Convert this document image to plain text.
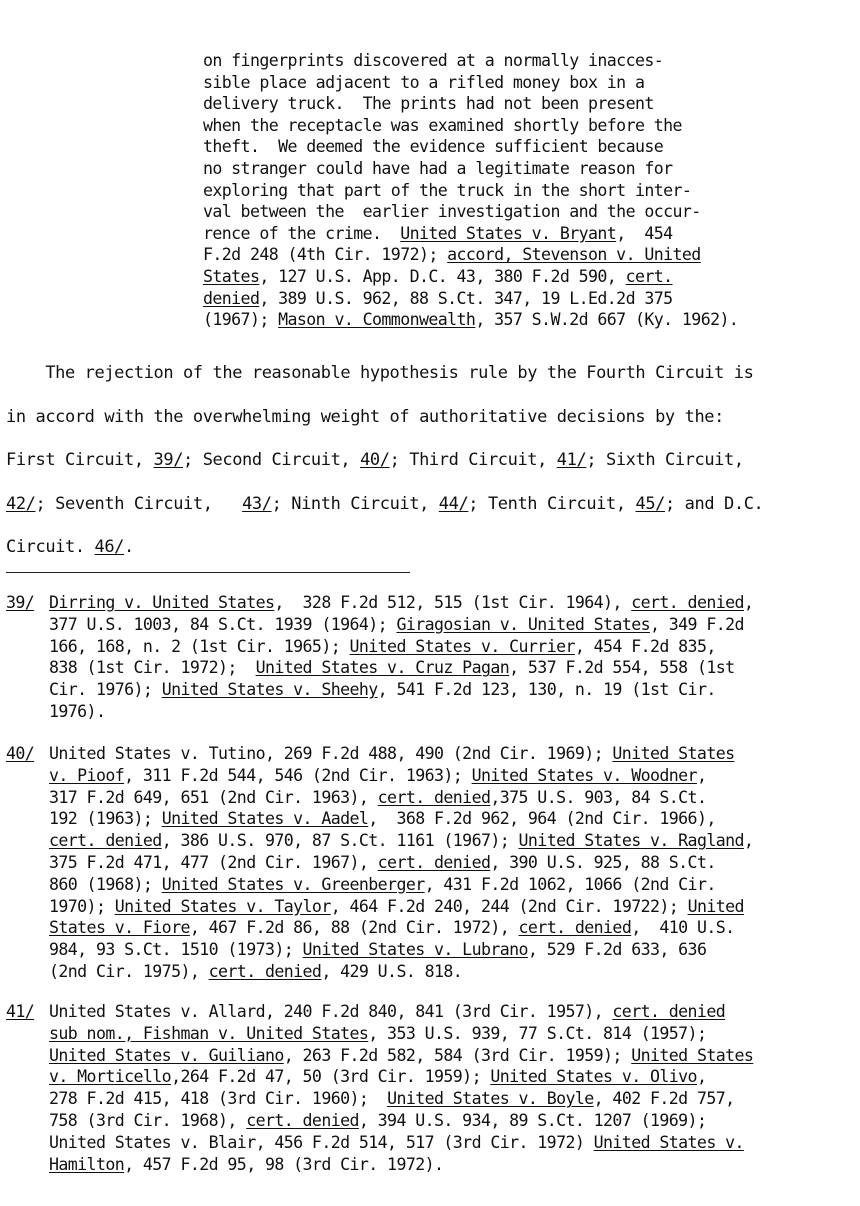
on fingerprints discovered at a normally inacces-
sible place adjacent to a rifled money box in a
delivery truck.  The prints had not been present
when the receptacle was examined shortly before the
theft.  We deemed the evidence sufficient because
no stranger could have had a legitimate reason for
exploring that part of the truck in the short inter-
val between the  earlier investigation and the occur-
rence of the crime.  United States v. Bryant,  454
F.2d 248 (4th Cir. 1972); accord, Stevenson v. United
States, 127 U.S. App. D.C. 43, 380 F.2d 590, cert.
denied, 389 U.S. 962, 88 S.Ct. 347, 19 L.Ed.2d 375
(1967); Mason v. Commonwealth, 357 S.W.2d 667 (Ky. 1962).
The rejection of the reasonable hypothesis rule by the Fourth Circuit is
in accord with the overwhelming weight of authoritative decisions by the:
First Circuit, 39/; Second Circuit, 40/; Third Circuit, 41/; Sixth Circuit,
42/; Seventh Circuit,   43/; Ninth Circuit, 44/; Tenth Circuit, 45/; and D.C.
Circuit. 46/.
39/ Dirring v. United States,  328 F.2d 512, 515 (1st Cir. 1964), cert. denied,
377 U.S. 1003, 84 S.Ct. 1939 (1964); Giragosian v. United States, 349 F.2d
166, 168, n. 2 (1st Cir. 1965); United States v. Currier, 454 F.2d 835,
838 (1st Cir. 1972);  United States v. Cruz Pagan, 537 F.2d 554, 558 (1st
Cir. 1976); United States v. Sheehy, 541 F.2d 123, 130, n. 19 (1st Cir.
1976).
40/ United States v. Tutino, 269 F.2d 488, 490 (2nd Cir. 1969); United States
v. Pioof, 311 F.2d 544, 546 (2nd Cir. 1963); United States v. Woodner,
317 F.2d 649, 651 (2nd Cir. 1963), cert. denied,375 U.S. 903, 84 S.Ct.
192 (1963); United States v. Aadel,  368 F.2d 962, 964 (2nd Cir. 1966),
cert. denied, 386 U.S. 970, 87 S.Ct. 1161 (1967); United States v. Ragland,
375 F.2d 471, 477 (2nd Cir. 1967), cert. denied, 390 U.S. 925, 88 S.Ct.
860 (1968); United States v. Greenberger, 431 F.2d 1062, 1066 (2nd Cir.
1970); United States v. Taylor, 464 F.2d 240, 244 (2nd Cir. 19722); United
States v. Fiore, 467 F.2d 86, 88 (2nd Cir. 1972), cert. denied,  410 U.S.
984, 93 S.Ct. 1510 (1973); United States v. Lubrano, 529 F.2d 633, 636
(2nd Cir. 1975), cert. denied, 429 U.S. 818.
41/ United States v. Allard, 240 F.2d 840, 841 (3rd Cir. 1957), cert. denied
sub nom., Fishman v. United States, 353 U.S. 939, 77 S.Ct. 814 (1957);
United States v. Guiliano, 263 F.2d 582, 584 (3rd Cir. 1959); United States
v. Morticello,264 F.2d 47, 50 (3rd Cir. 1959); United States v. Olivo,
278 F.2d 415, 418 (3rd Cir. 1960);  United States v. Boyle, 402 F.2d 757,
758 (3rd Cir. 1968), cert. denied, 394 U.S. 934, 89 S.Ct. 1207 (1969);
United States v. Blair, 456 F.2d 514, 517 (3rd Cir. 1972) United States v.
Hamilton, 457 F.2d 95, 98 (3rd Cir. 1972).
